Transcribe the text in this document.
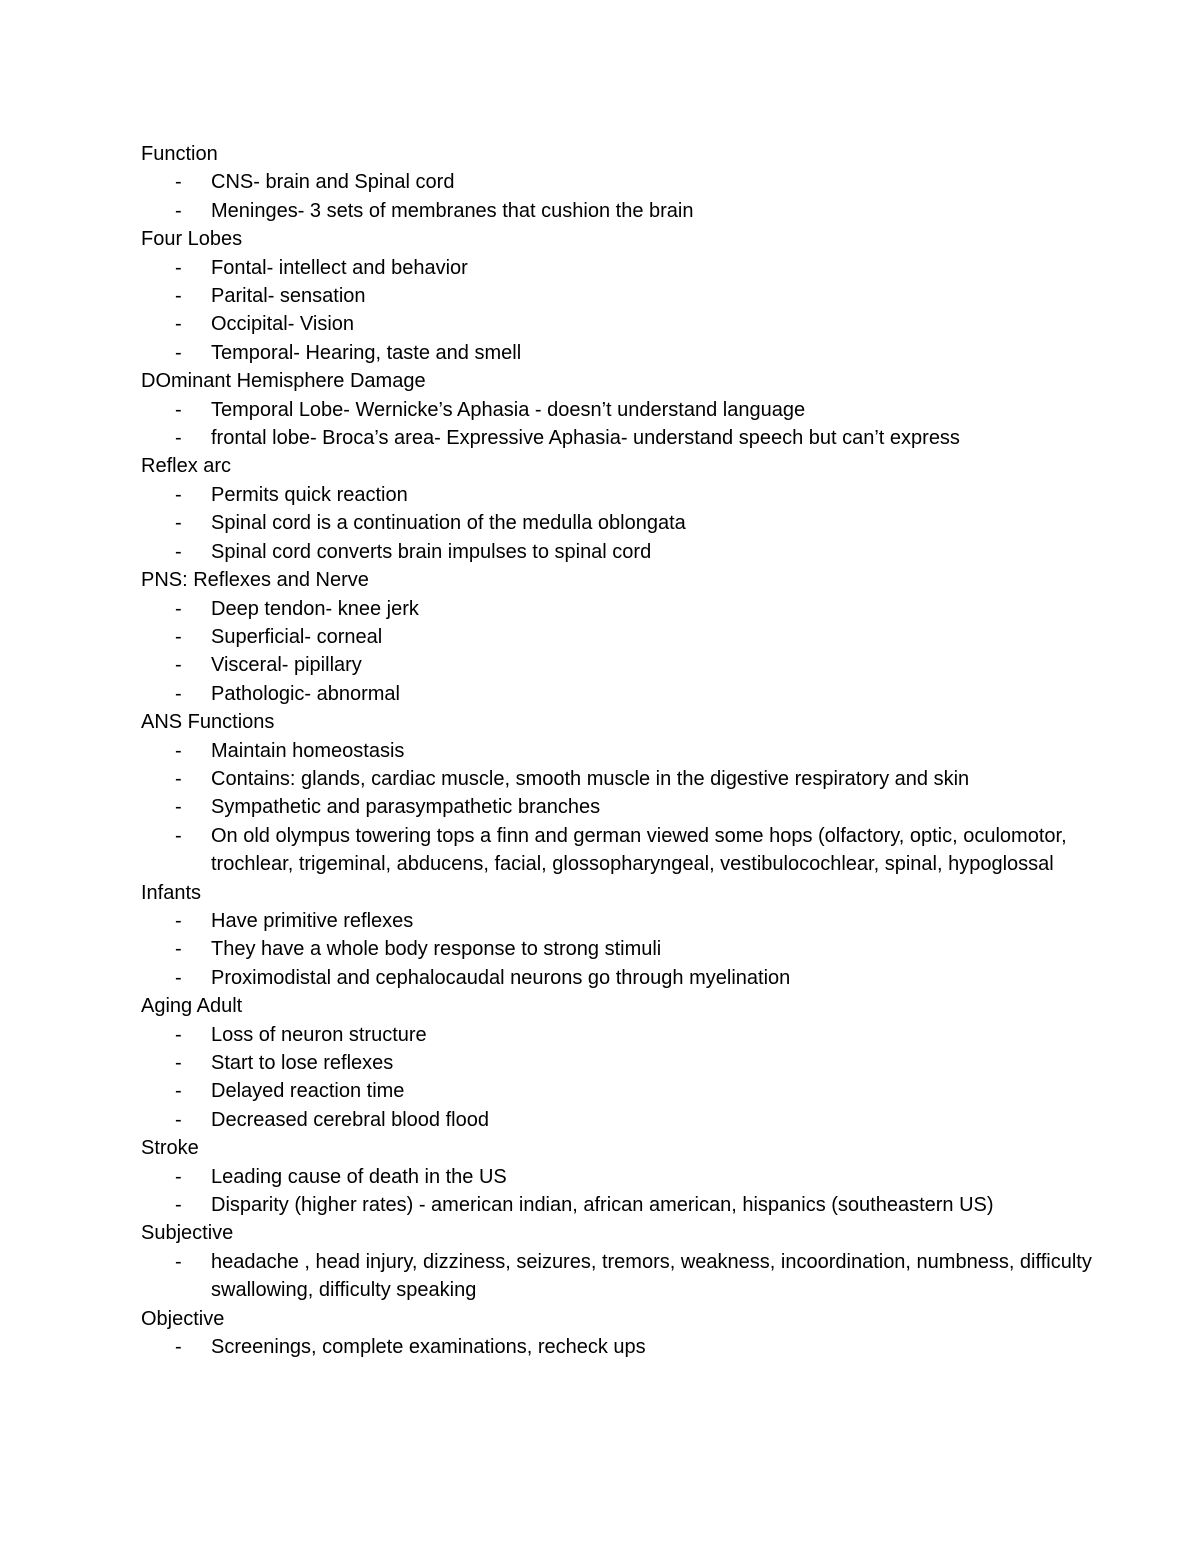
Function
- CNS- brain and Spinal cord
- Meninges- 3 sets of membranes that cushion the brain
Four Lobes
- Fontal- intellect and behavior
- Parital- sensation
- Occipital- Vision
- Temporal- Hearing, taste and smell
DOminant Hemisphere Damage
- Temporal Lobe- Wernicke’s Aphasia - doesn’t understand language
- frontal lobe- Broca’s area- Expressive Aphasia- understand speech but can’t express
Reflex arc
- Permits quick reaction
- Spinal cord is a continuation of the medulla oblongata
- Spinal cord converts brain impulses to spinal cord
PNS: Reflexes and Nerve
- Deep tendon- knee jerk
- Superficial- corneal
- Visceral- pipillary
- Pathologic- abnormal
ANS Functions
- Maintain homeostasis
- Contains: glands, cardiac muscle, smooth muscle in the digestive respiratory and skin
- Sympathetic and parasympathetic branches
- On old olympus towering tops a finn and german viewed some hops (olfactory, optic, oculomotor, trochlear, trigeminal, abducens, facial, glossopharyngeal, vestibulocochlear, spinal, hypoglossal
Infants
- Have primitive reflexes
- They have a whole body response to strong stimuli
- Proximodistal and cephalocaudal neurons go through myelination
Aging Adult
- Loss of neuron structure
- Start to lose reflexes
- Delayed reaction time
- Decreased cerebral blood flood
Stroke
- Leading cause of death in the US
- Disparity (higher rates) - american indian, african american, hispanics (southeastern US)
Subjective
- headache , head injury, dizziness, seizures, tremors, weakness, incoordination, numbness, difficulty swallowing, difficulty speaking
Objective
- Screenings, complete examinations, recheck ups
